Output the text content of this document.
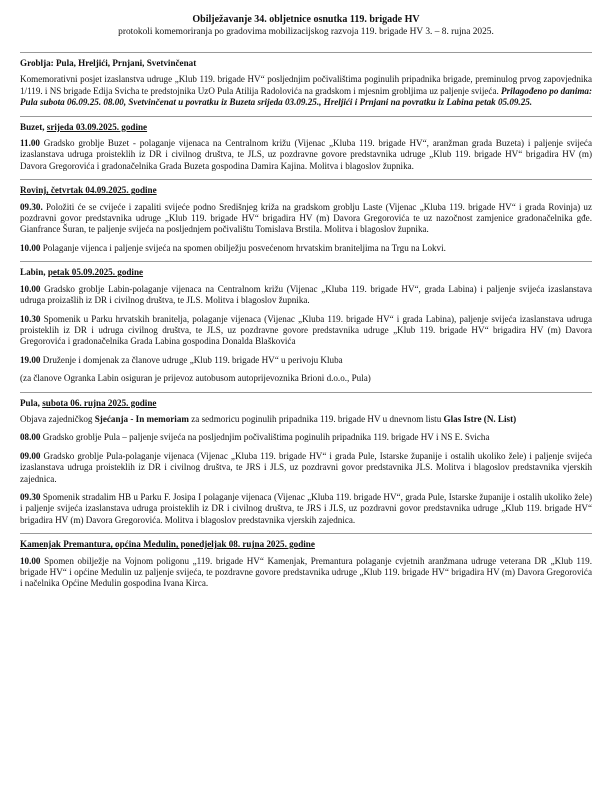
Obilježavanje 34. obljetnice osnutka 119. brigade HV

protokoli komemoriranja po gradovima mobilizacijskog razvoja 119. brigade HV 3. – 8. rujna 2025.

Groblja: Pula, Hreljići, Prnjani, Svetvinčenat

Komemorativni posjet izaslanstva udruge „Klub 119. brigade HV“ posljednjim počivalištima poginulih pripadnika brigade, preminulog prvog zapovjednika 1/119. i NS brigade Edija Svicha te predstojnika UzO Pula Atilija Radolovića na gradskom i mjesnim grobljima uz paljenje svijeća. Prilagođeno po danima: Pula subota 06.09.25. 08.00, Svetvinčenat u povratku iz Buzeta srijeda 03.09.25., Hreljići i Prnjani na povratku iz Labina petak 05.09.25.

Buzet, srijeda 03.09.2025. godine

11.00 Gradsko groblje Buzet - polaganje vijenaca na Centralnom križu (Vijenac „Kluba 119. brigade HV“, aranžman grada Buzeta) i paljenje svijeća izaslanstava udruga proisteklih iz DR i civilnog društva, te JLS, uz pozdravne govore predstavnika udruge „Klub 119. brigade HV“ brigadira HV (m) Davora Gregorovića i gradonačelnika Grada Buzeta gospodina Damira Kajina. Molitva i blagoslov župnika.

Rovinj, četvrtak 04.09.2025. godine

09.30. Položiti će se cvijeće i zapaliti svijeće podno Središnjeg križa na gradskom groblju Laste (Vijenac „Kluba 119. brigade HV“ i grada Rovinja) uz pozdravni govor predstavnika udruge „Klub 119. brigade HV“ brigadira HV (m) Davora Gregorovića te uz nazočnost zamjenice gradonačelnika gđe. Gianfrance Šuran, te paljenje svijeća na posljednjem počivalištu Tomislava Brstila. Molitva i blagoslov župnika.

10.00 Polaganje vijenca i paljenje svijeća na spomen obilježju posvećenom hrvatskim braniteljima na Trgu na Lokvi.

Labin, petak 05.09.2025. godine

10.00 Gradsko groblje Labin-polaganje vijenaca na Centralnom križu (Vijenac „Kluba 119. brigade HV“, grada Labina) i paljenje svijeća izaslanstava udruga proizašlih iz DR i civilnog društva, te JLS. Molitva i blagoslov župnika.

10.30 Spomenik u Parku hrvatskih branitelja, polaganje vijenaca (Vijenac „Kluba 119. brigade HV“ i grada Labina), paljenje svijeća izaslanstava udruga proisteklih iz DR i udruga civilnog društva, te JLS, uz pozdravne govore predstavnika udruge „Klub 119. brigade HV“ brigadira HV (m) Davora Gregorovića i gradonačelnika Grada Labina gospodina Donalda Blaškovića

19.00 Druženje i domjenak za članove udruge „Klub 119. brigade HV“ u perivoju Kluba

(za članove Ogranka Labin osiguran je prijevoz autobusom autoprijevoznika Brioni d.o.o., Pula)

Pula, subota 06. rujna 2025. godine

Objava zajedničkog Sjećanja - In memoriam za sedmoricu poginulih pripadnika 119. brigade HV u dnevnom listu Glas Istre (N. List)

08.00 Gradsko groblje Pula – paljenje svijeća na posljednjim počivalištima poginulih pripadnika 119. brigade HV i NS E. Svicha

09.00 Gradsko groblje Pula-polaganje vijenaca (Vijenac „Kluba 119. brigade HV“ i grada Pule, Istarske županije i ostalih ukoliko žele) i paljenje svijeća izaslanstava udruga proisteklih iz DR i civilnog društva, te JRS i JLS, uz pozdravni govor predstavnika JLS. Molitva i blagoslov predstavnika vjerskih zajednica.

09.30 Spomenik stradalim HB u Parku F. Josipa I polaganje vijenaca (Vijenac „Kluba 119. brigade HV“, grada Pule, Istarske županije i ostalih ukoliko žele) i paljenje svijeća izaslanstava udruga proisteklih iz DR i civilnog društva, te JRS i JLS, uz pozdravni govor predstavnika udruge „Klub 119. brigade HV“ brigadira HV (m) Davora Gregorovića. Molitva i blagoslov predstavnika vjerskih zajednica.

Kamenjak Premantura, općina Medulin, ponedjeljak 08. rujna 2025. godine

10.00 Spomen obilježje na Vojnom poligonu „119. brigade HV“ Kamenjak, Premantura polaganje cvjetnih aranžmana udruge veterana DR „Klub 119. brigade HV“ i općine Medulin uz paljenje svijeća, te pozdravne govore predstavnika udruge „Klub 119. brigade HV“ brigadira HV (m) Davora Gregorovića i načelnika Općine Medulin gospodina Ivana Kirca.
